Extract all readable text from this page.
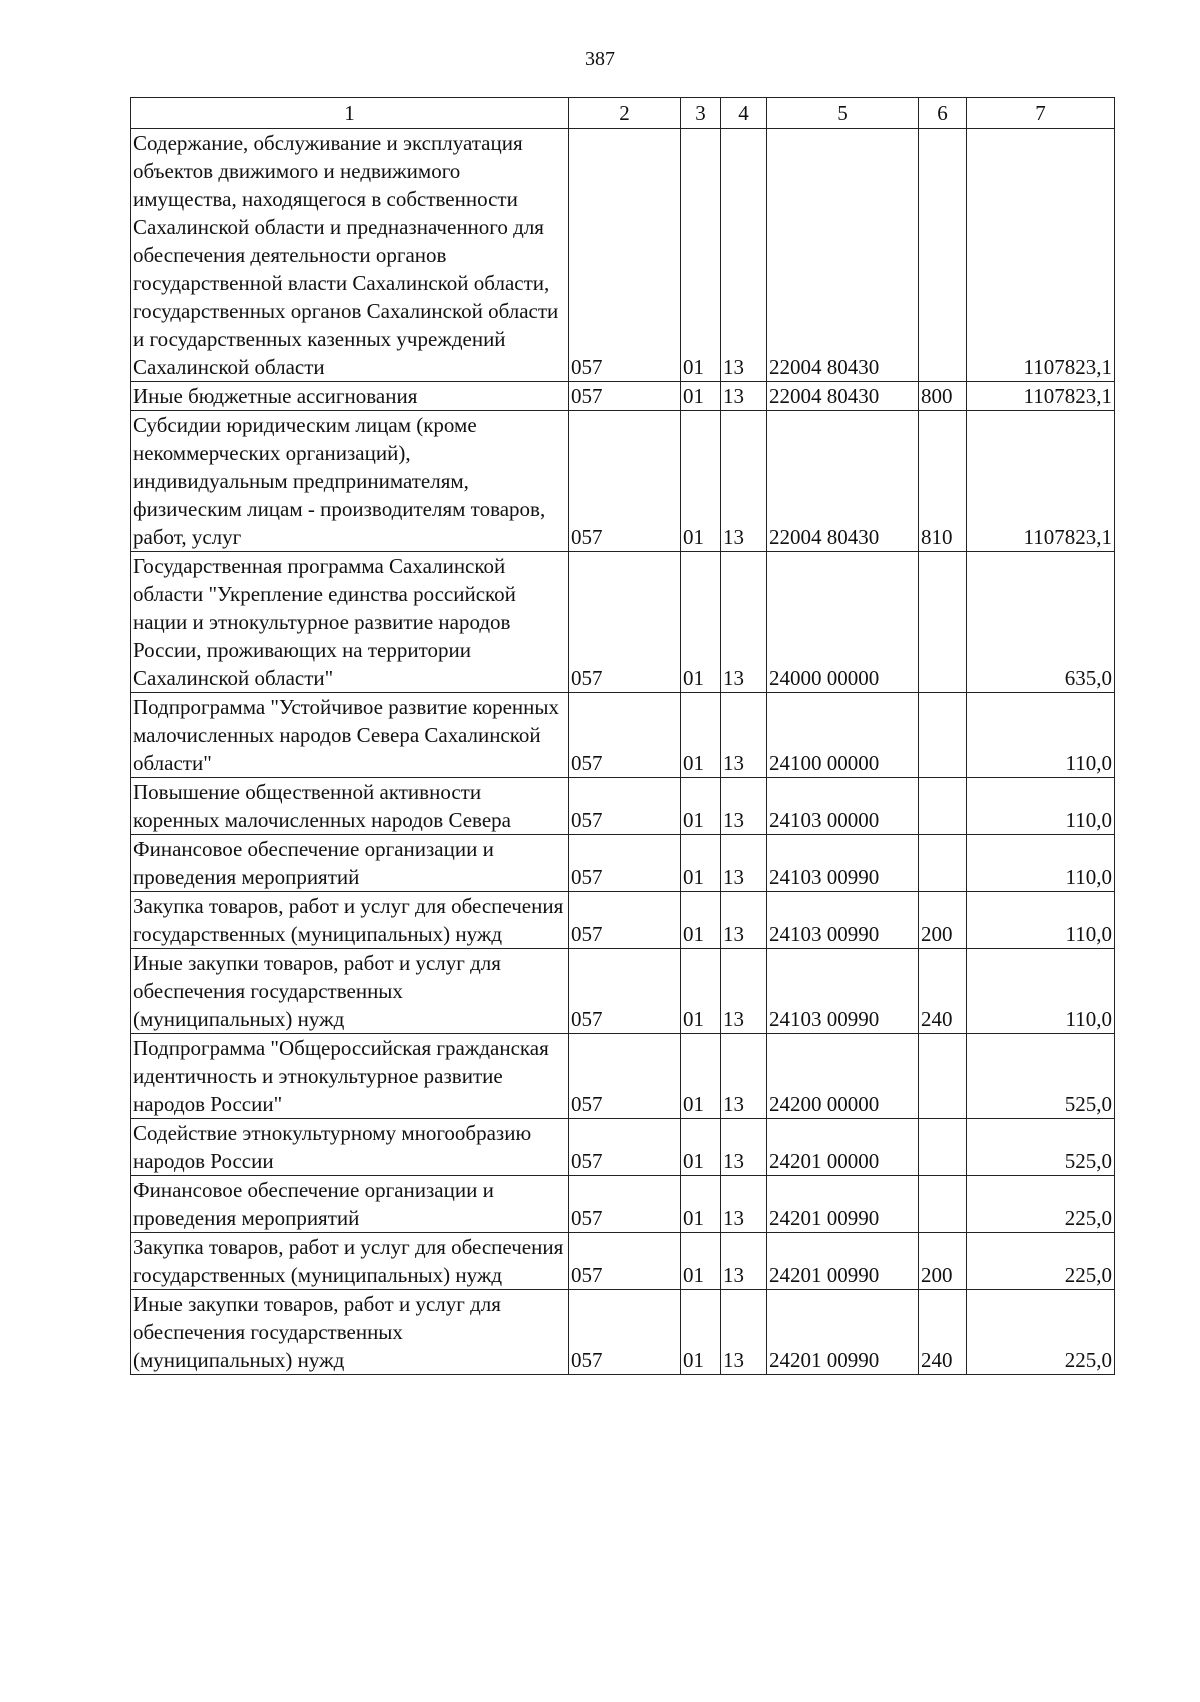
387
1	2	3	4	5	6	7
Содержание, обслуживание и эксплуатация объектов движимого и недвижимого имущества, находящегося в собственности Сахалинской области и предназначенного для обеспечения деятельности органов государственной власти Сахалинской области, государственных органов Сахалинской области и государственных казенных учреждений Сахалинской области	057	01	13	22004 80430		1107823,1
Иные бюджетные ассигнования	057	01	13	22004 80430	800	1107823,1
Субсидии юридическим лицам (кроме некоммерческих организаций), индивидуальным предпринимателям, физическим лицам - производителям товаров, работ, услуг	057	01	13	22004 80430	810	1107823,1
Государственная программа Сахалинской области "Укрепление единства российской нации и этнокультурное развитие народов России, проживающих на территории Сахалинской области"	057	01	13	24000 00000		635,0
Подпрограмма "Устойчивое развитие коренных малочисленных народов Севера Сахалинской области"	057	01	13	24100 00000		110,0
Повышение общественной активности коренных малочисленных народов Севера	057	01	13	24103 00000		110,0
Финансовое обеспечение организации и проведения мероприятий	057	01	13	24103 00990		110,0
Закупка товаров, работ и услуг для обеспечения государственных (муниципальных) нужд	057	01	13	24103 00990	200	110,0
Иные закупки товаров, работ и услуг для обеспечения государственных (муниципальных) нужд	057	01	13	24103 00990	240	110,0
Подпрограмма "Общероссийская гражданская идентичность и этнокультурное развитие народов России"	057	01	13	24200 00000		525,0
Содействие этнокультурному многообразию народов России	057	01	13	24201 00000		525,0
Финансовое обеспечение организации и проведения мероприятий	057	01	13	24201 00990		225,0
Закупка товаров, работ и услуг для обеспечения государственных (муниципальных) нужд	057	01	13	24201 00990	200	225,0
Иные закупки товаров, работ и услуг для обеспечения государственных (муниципальных) нужд	057	01	13	24201 00990	240	225,0
